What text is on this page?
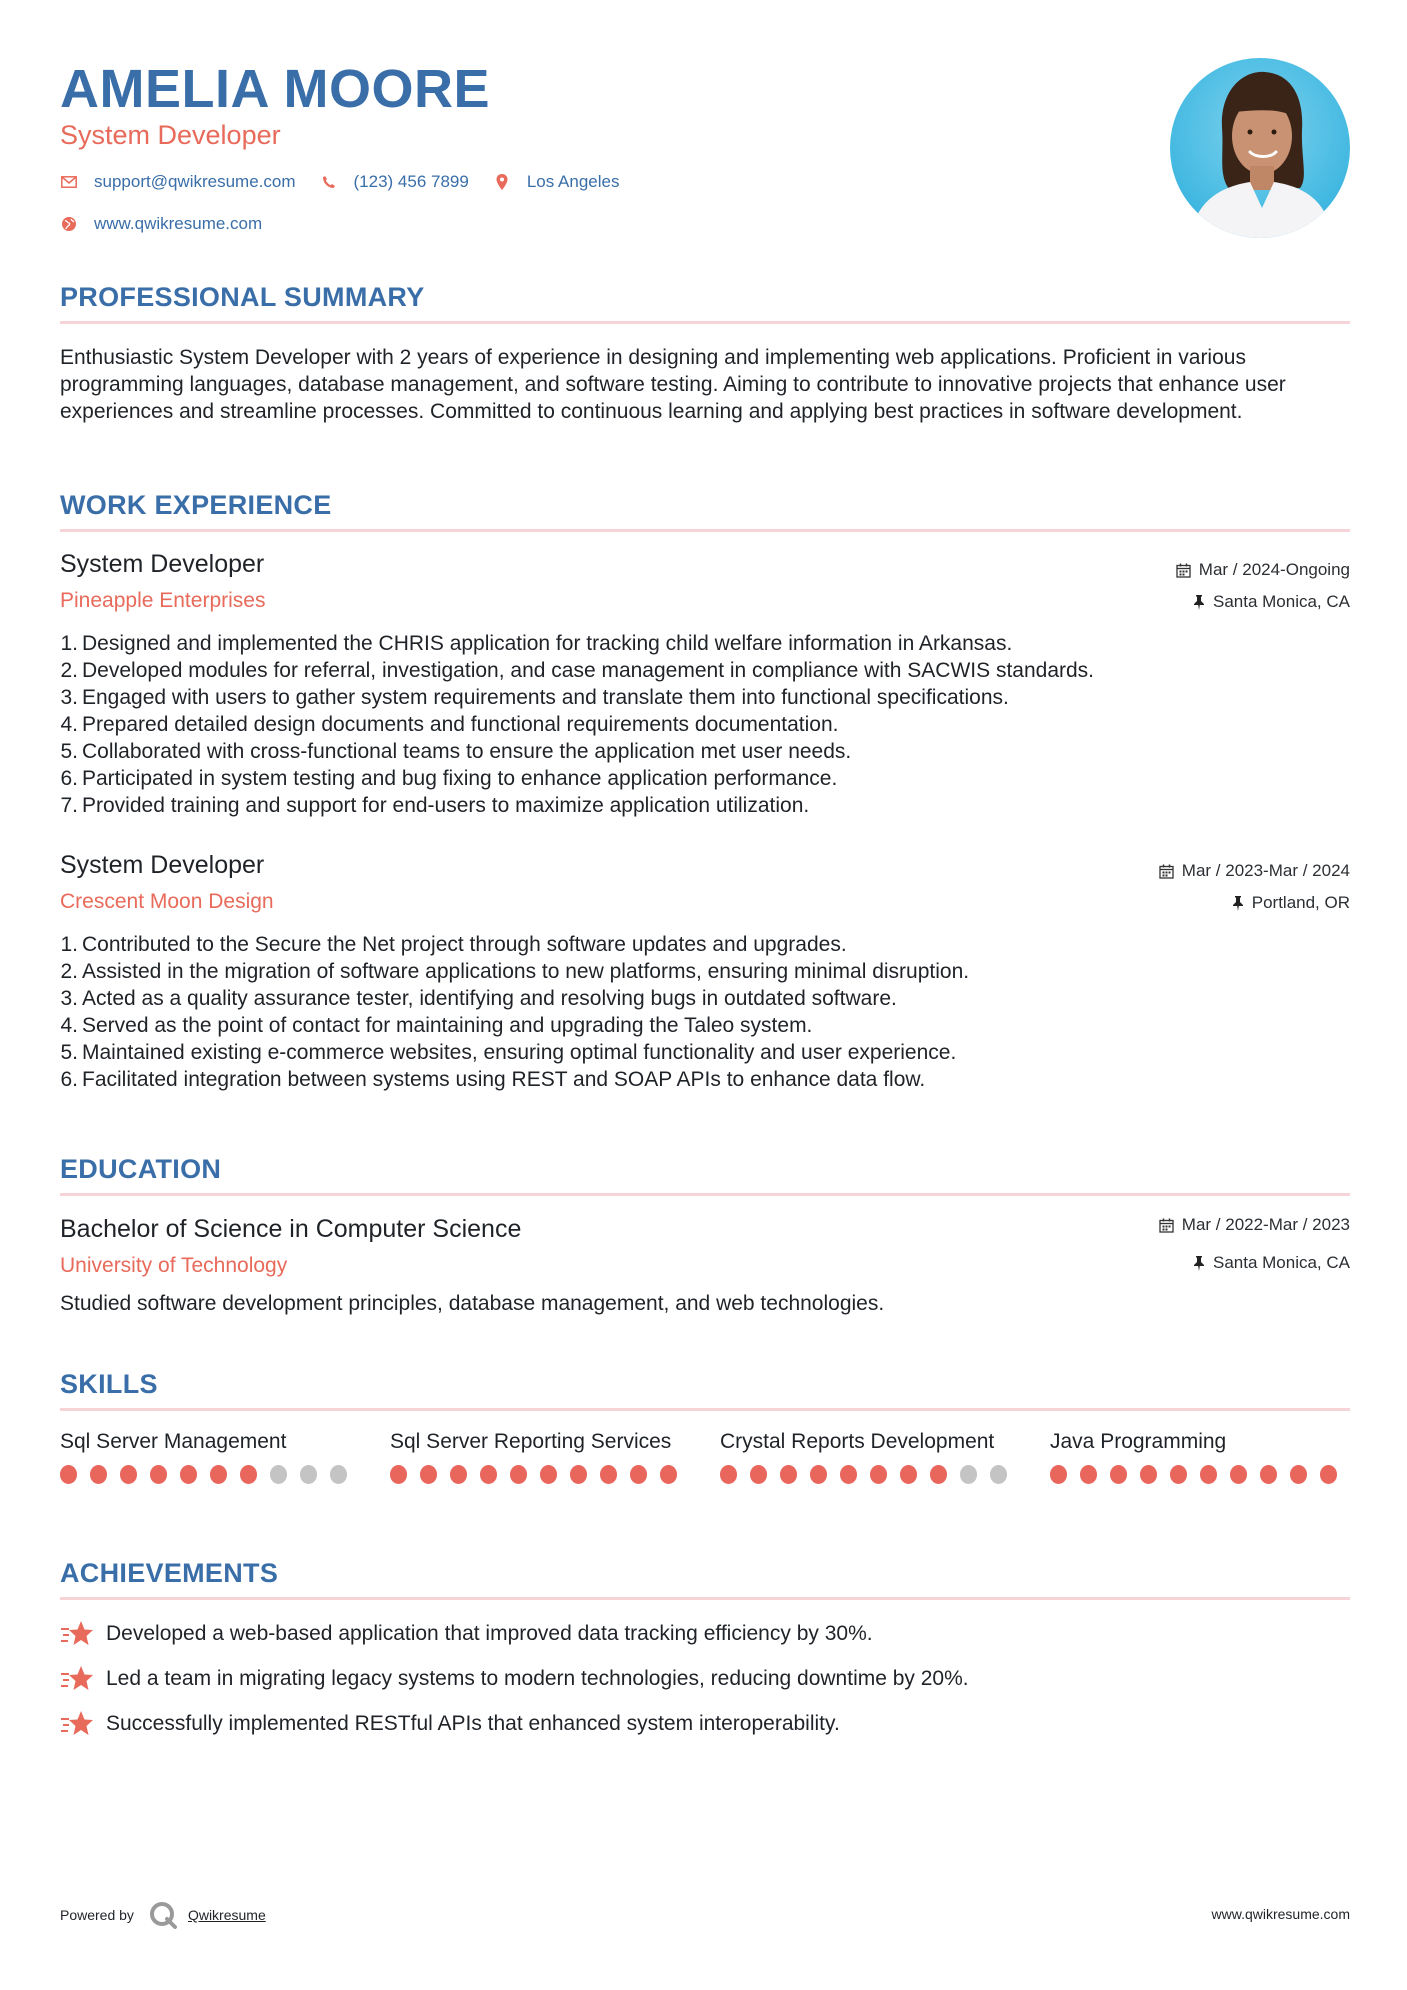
AMELIA MOORE
System Developer
support@qwikresume.com	(123) 456 7899	Los Angeles
www.qwikresume.com
PROFESSIONAL SUMMARY
Enthusiastic System Developer with 2 years of experience in designing and implementing web applications. Proficient in various programming languages, database management, and software testing. Aiming to contribute to innovative projects that enhance user experiences and streamline processes. Committed to continuous learning and applying best practices in software development.
WORK EXPERIENCE
System Developer	Mar / 2024-Ongoing
Pineapple Enterprises	Santa Monica, CA
1. Designed and implemented the CHRIS application for tracking child welfare information in Arkansas.
2. Developed modules for referral, investigation, and case management in compliance with SACWIS standards.
3. Engaged with users to gather system requirements and translate them into functional specifications.
4. Prepared detailed design documents and functional requirements documentation.
5. Collaborated with cross-functional teams to ensure the application met user needs.
6. Participated in system testing and bug fixing to enhance application performance.
7. Provided training and support for end-users to maximize application utilization.
System Developer	Mar / 2023-Mar / 2024
Crescent Moon Design	Portland, OR
1. Contributed to the Secure the Net project through software updates and upgrades.
2. Assisted in the migration of software applications to new platforms, ensuring minimal disruption.
3. Acted as a quality assurance tester, identifying and resolving bugs in outdated software.
4. Served as the point of contact for maintaining and upgrading the Taleo system.
5. Maintained existing e-commerce websites, ensuring optimal functionality and user experience.
6. Facilitated integration between systems using REST and SOAP APIs to enhance data flow.
EDUCATION
Bachelor of Science in Computer Science	Mar / 2022-Mar / 2023
University of Technology	Santa Monica, CA
Studied software development principles, database management, and web technologies.
SKILLS
Sql Server Management	Sql Server Reporting Services	Crystal Reports Development	Java Programming
ACHIEVEMENTS
Developed a web-based application that improved data tracking efficiency by 30%.
Led a team in migrating legacy systems to modern technologies, reducing downtime by 20%.
Successfully implemented RESTful APIs that enhanced system interoperability.
Powered by	Qwikresume	www.qwikresume.com
